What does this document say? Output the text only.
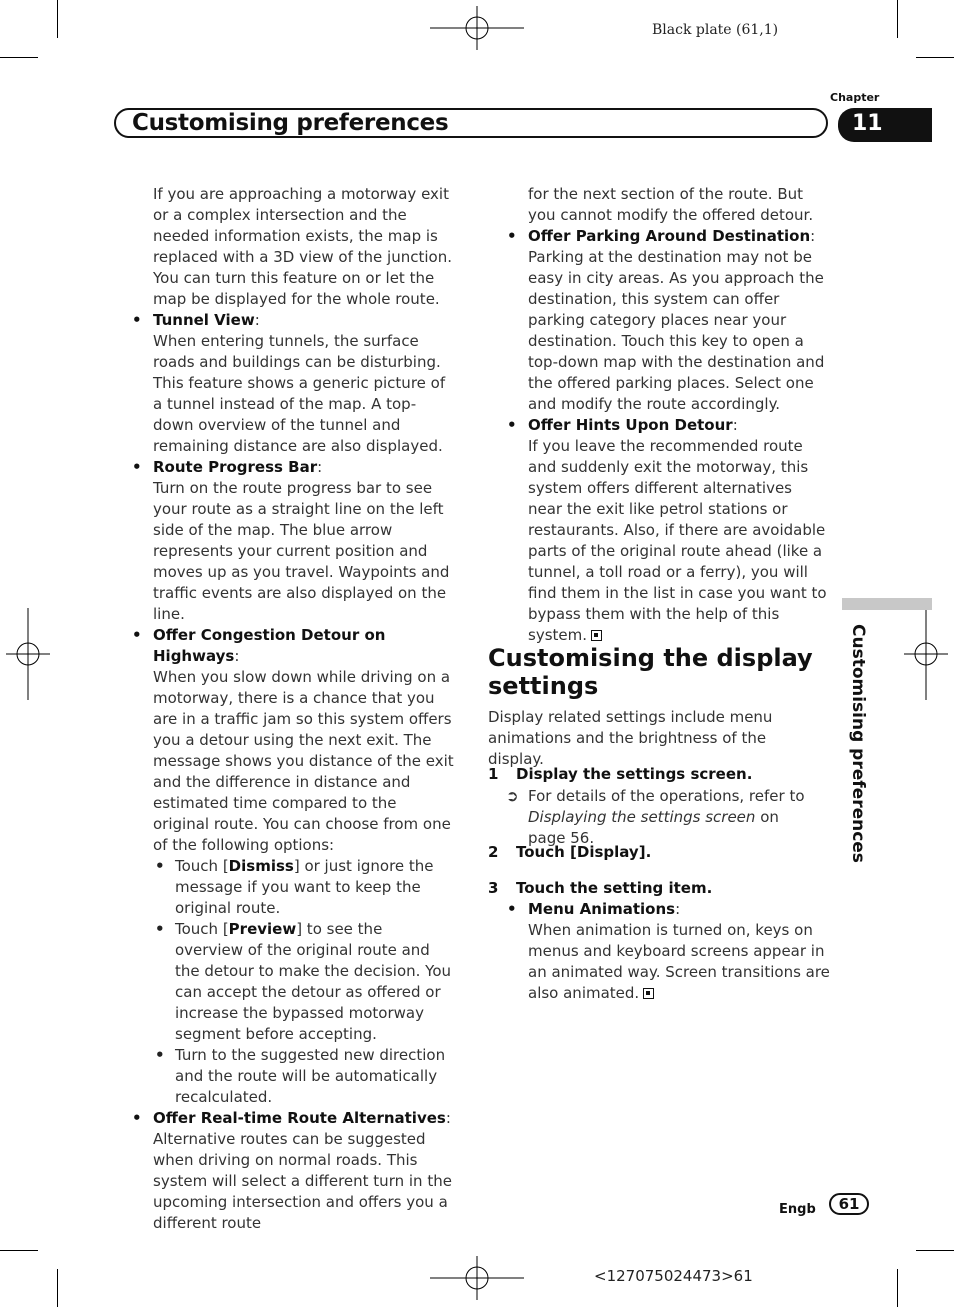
Black plate (61,1)
Chapter
Customising preferences	11
Customising preferences

If you are approaching a motorway exit or a complex intersection and the needed information exists, the map is replaced with a 3D view of the junction. You can turn this feature on or let the map be displayed for the whole route.

• Tunnel View:
When entering tunnels, the surface roads and buildings can be disturbing. This feature shows a generic picture of a tunnel instead of the map. A top-down overview of the tunnel and remaining distance are also displayed.
• Route Progress Bar:
Turn on the route progress bar to see your route as a straight line on the left side of the map. The blue arrow represents your current position and moves up as you travel. Waypoints and traffic events are also displayed on the line.
• Offer Congestion Detour on Highways:
When you slow down while driving on a motorway, there is a chance that you are in a traffic jam so this system offers you a detour using the next exit. The message shows you distance of the exit and the difference in distance and estimated time compared to the original route. You can choose from one of the following options:
• Touch [Dismiss] or just ignore the message if you want to keep the original route.
• Touch [Preview] to see the overview of the original route and the detour to make the decision. You can accept the detour as offered or increase the bypassed motorway segment before accepting.
• Turn to the suggested new direction and the route will be automatically recalculated.
• Offer Real-time Route Alternatives:
Alternative routes can be suggested when driving on normal roads. This system will select a different turn in the upcoming intersection and offers you a different route

for the next section of the route. But you cannot modify the offered detour.

• Offer Parking Around Destination:
Parking at the destination may not be easy in city areas. As you approach the destination, this system can offer parking category places near your destination. Touch this key to open a top-down map with the destination and the offered parking places. Select one and modify the route accordingly.
• Offer Hints Upon Detour:
If you leave the recommended route and suddenly exit the motorway, this system offers different alternatives near the exit like petrol stations or restaurants. Also, if there are avoidable parts of the original route ahead (like a tunnel, a toll road or a ferry), you will find them in the list in case you want to bypass them with the help of this system.
Customising the display settings
Display related settings include menu animations and the brightness of the display.
1 Display the settings screen.
➲ For details of the operations, refer to Displaying the settings screen on page 56.
2 Touch [Display].
3 Touch the setting item.
• Menu Animations:
When animation is turned on, keys on menus and keyboard screens appear in an animated way. Screen transitions are also animated.
Engb	61
<127075024473>61
